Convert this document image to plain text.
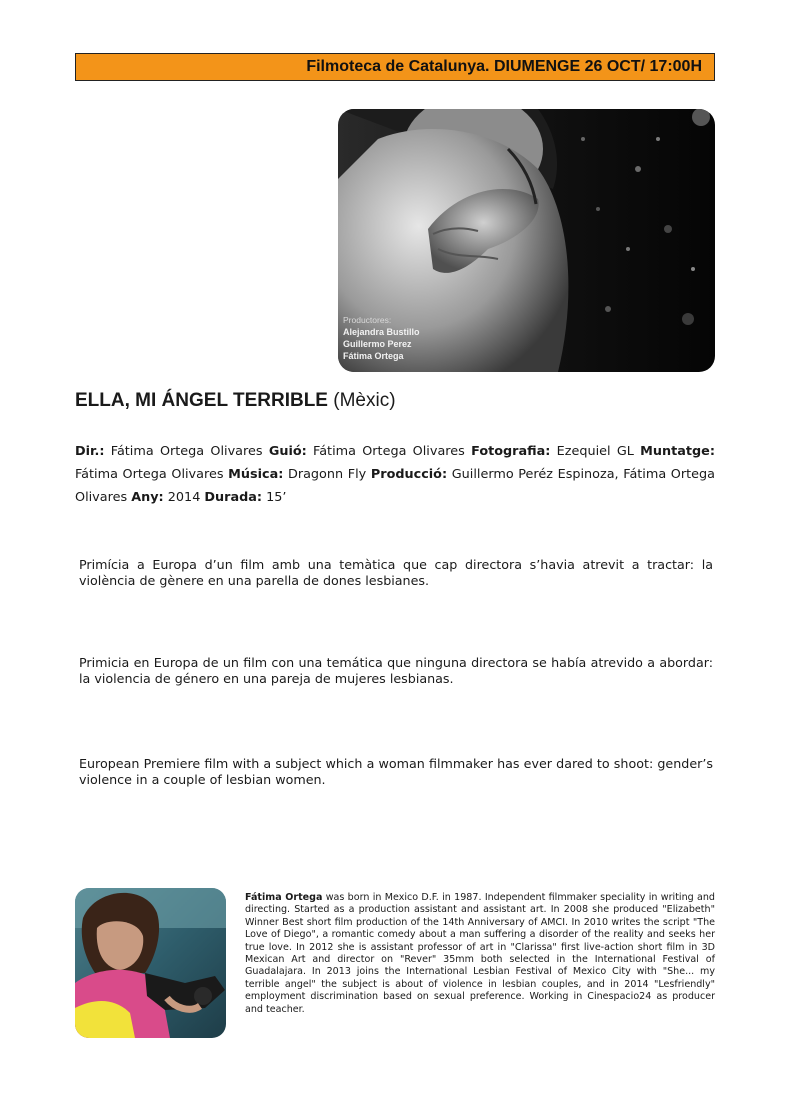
Filmoteca de Catalunya. DIUMENGE 26 OCT/ 17:00H
Productores:
Alejandra Bustillo
Guillermo Perez
Fátima Ortega
ELLA, MI ÁNGEL TERRIBLE (Mèxic)
Dir.: Fátima Ortega Olivares Guió: Fátima Ortega Olivares Fotografia: Ezequiel GL Muntatge: Fátima Ortega Olivares Música: Dragonn Fly Producció: Guillermo Peréz Espinoza, Fátima Ortega Olivares Any: 2014 Durada: 15’
Primícia a Europa d’un film amb una temàtica que cap directora s’havia atrevit a tractar: la violència de gènere en una parella de dones lesbianes.
Primicia en Europa de un film con una temática que ninguna directora se había atrevido a abordar: la violencia de género en una pareja de mujeres lesbianas.
European Premiere film with a subject which a woman filmmaker has ever dared to shoot: gender’s violence in a couple of lesbian women.
Fátima Ortega was born in Mexico D.F. in 1987. Independent filmmaker speciality in writing and directing. Started as a production assistant and assistant art. In 2008 she produced "Elizabeth" Winner Best short film production of the 14th Anniversary of AMCI. In 2010 writes the script "The Love of Diego", a romantic comedy about a man suffering a disorder of the reality and seeks her true love. In 2012 she is assistant professor of art in "Clarissa" first live-action short film in 3D Mexican Art and director on "Rever" 35mm both selected in the International Festival of Guadalajara. In 2013 joins the International Lesbian Festival of Mexico City with "She... my terrible angel" the subject is about of violence in lesbian couples, and in 2014 "Lesfriendly" employment discrimination based on sexual preference. Working in Cinespacio24 as producer and teacher.
